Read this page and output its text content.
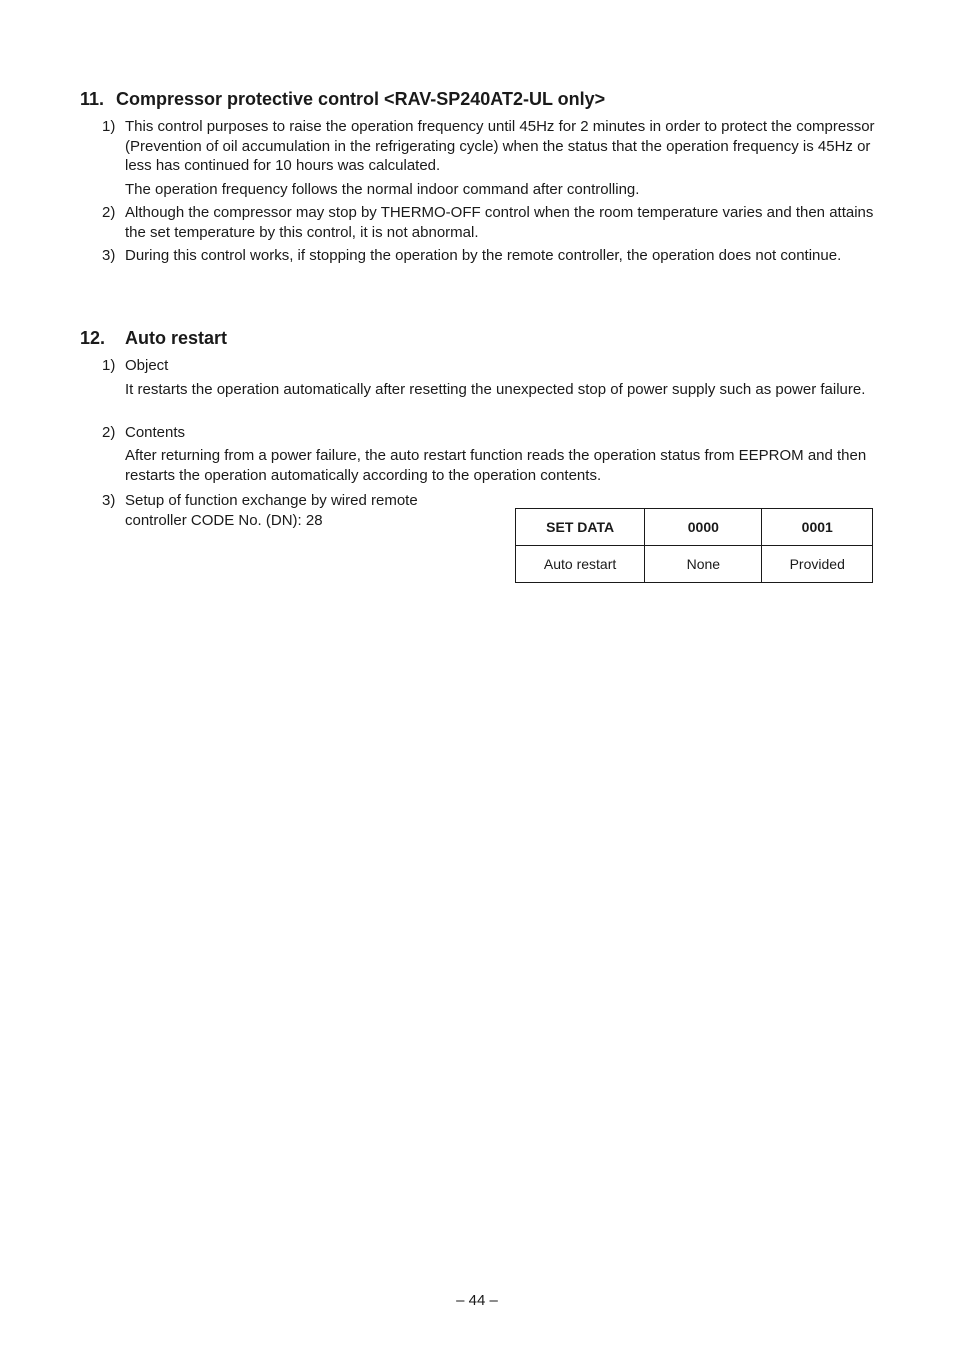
11. Compressor protective control <RAV-SP240AT2-UL only>
1) This control purposes to raise the operation frequency until 45Hz for 2 minutes in order to protect the compressor (Prevention of oil accumulation in the refrigerating cycle) when the status that the operation frequency is 45Hz or less has continued for 10 hours was calculated.
The operation frequency follows the normal indoor command after controlling.
2) Although the compressor may stop by THERMO-OFF control when the room temperature varies and then attains the set temperature by this control, it is not abnormal.
3) During this control works, if stopping the operation by the remote controller, the operation does not continue.
12. Auto restart
1) Object
It restarts the operation automatically after resetting the unexpected stop of power supply such as power failure.
2) Contents
After returning from a power failure, the auto restart function reads the operation status from EEPROM and then restarts the operation automatically according to the operation contents.
3) Setup of function exchange by wired remote controller CODE No. (DN): 28	SET DATA	0000	0001
Auto restart	None	Provided
– 44 –
